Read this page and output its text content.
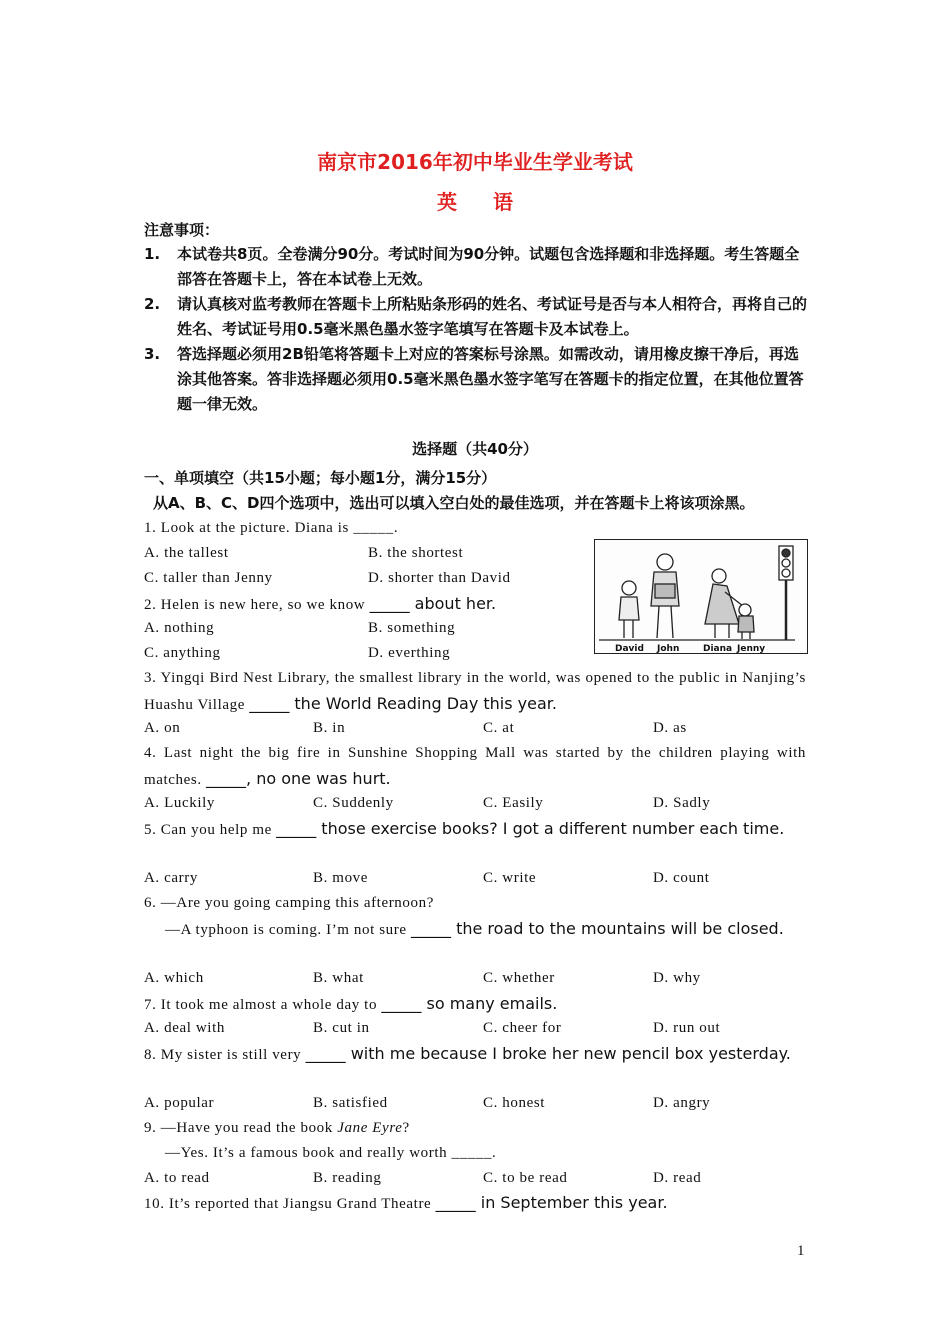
南京市2016年初中毕业生学业考试
英语
注意事项：
1.	本试卷共8页。全卷满分90分。考试时间为90分钟。试题包含选择题和非选择题。考生答题全部答在答题卡上，答在本试卷上无效。
2.	请认真核对监考教师在答题卡上所粘贴条形码的姓名、考试证号是否与本人相符合，再将自己的姓名、考试证号用0.5毫米黑色墨水签字笔填写在答题卡及本试卷上。
3.	答选择题必须用2B铅笔将答题卡上对应的答案标号涂黑。如需改动，请用橡皮擦干净后，再选涂其他答案。答非选择题必须用0.5毫米黑色墨水签字笔写在答题卡的指定位置，在其他位置答题一律无效。
选择题（共40分）
一、单项填空（共15小题；每小题1分，满分15分）
从A、B、C、D四个选项中，选出可以填入空白处的最佳选项，并在答题卡上将该项涂黑。
1. Look at the picture. Diana is _____.
A. the tallest	B. the shortest
C. taller than Jenny	D. shorter than David
David John	Diana Jenny
2. Helen is new here, so we know _____ about her.
A. nothing	B. something
C. anything	D. everthing
3. Yingqi Bird Nest Library, the smallest library in the world, was opened to the public in Nanjing’s Huashu Village _____ the World Reading Day this year.
A. on	B. in	C. at	D. as
4. Last night the big fire in Sunshine Shopping Mall was started by the children playing with matches. _____, no one was hurt.
A. Luckily	C. Suddenly	C. Easily	D. Sadly
5. Can you help me _____ those exercise books? I got a different number each time.
A. carry	B. move	C. write	D. count
6. —Are you going camping this afternoon?
—A typhoon is coming. I’m not sure _____ the road to the mountains will be closed.
A. which	B. what	C. whether	D. why
7. It took me almost a whole day to _____ so many emails.
A. deal with	B. cut in	C. cheer for	D. run out
8. My sister is still very _____ with me because I broke her new pencil box yesterday.
A. popular	B. satisfied	C. honest	D. angry
9. —Have you read the book Jane Eyre?
—Yes. It’s a famous book and really worth _____.
A. to read	B. reading	C. to be read	D. read
10. It’s reported that Jiangsu Grand Theatre _____ in September this year.
1
